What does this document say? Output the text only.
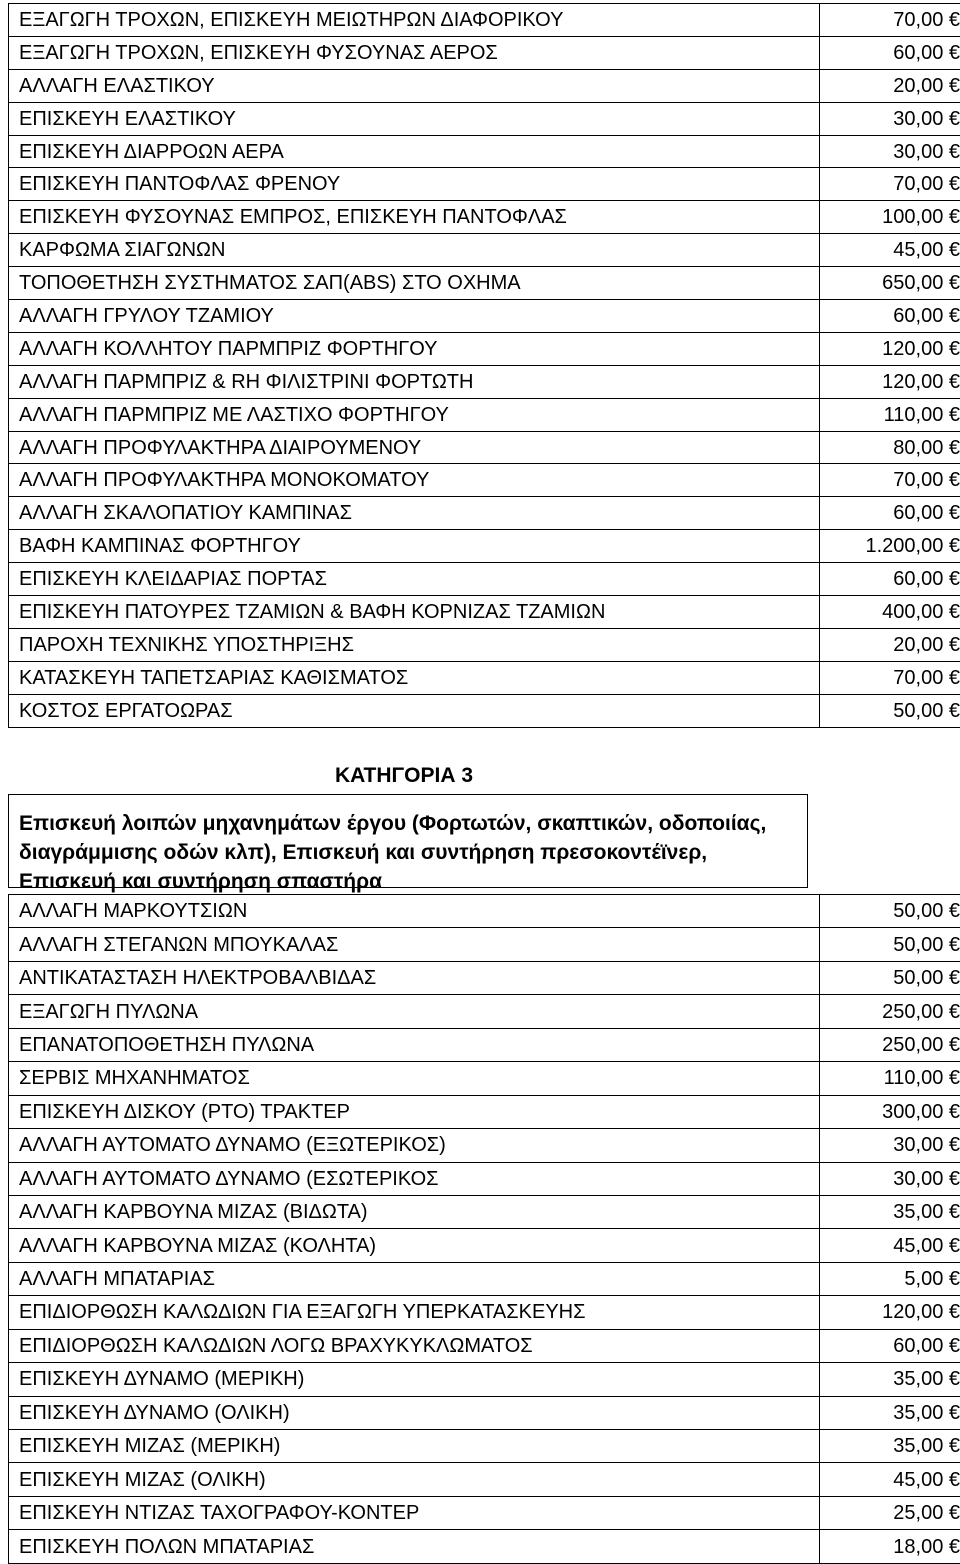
ΕΞΑΓΩΓΗ ΤΡΟΧΩΝ, ΕΠΙΣΚΕΥΗ ΜΕΙΩΤΗΡΩΝ ΔΙΑΦΟΡΙΚΟΥ	70,00 €
ΕΞΑΓΩΓΗ ΤΡΟΧΩΝ, ΕΠΙΣΚΕΥΗ ΦΥΣΟΥΝΑΣ ΑΕΡΟΣ	60,00 €
ΑΛΛΑΓΗ ΕΛΑΣΤΙΚΟΥ	20,00 €
ΕΠΙΣΚΕΥΗ ΕΛΑΣΤΙΚΟΥ	30,00 €
ΕΠΙΣΚΕΥΗ ΔΙΑΡΡΟΩΝ ΑΕΡΑ	30,00 €
ΕΠΙΣΚΕΥΗ ΠΑΝΤΟΦΛΑΣ ΦΡΕΝΟΥ	70,00 €
ΕΠΙΣΚΕΥΗ ΦΥΣΟΥΝΑΣ ΕΜΠΡΟΣ, ΕΠΙΣΚΕΥΗ ΠΑΝΤΟΦΛΑΣ	100,00 €
ΚΑΡΦΩΜΑ ΣΙΑΓΩΝΩΝ	45,00 €
ΤΟΠΟΘΕΤΗΣΗ ΣΥΣΤΗΜΑΤΟΣ ΣΑΠ(ABS) ΣΤΟ ΟΧΗΜΑ	650,00 €
ΑΛΛΑΓΗ ΓΡΥΛΟΥ ΤΖΑΜΙΟΥ	60,00 €
ΑΛΛΑΓΗ ΚΟΛΛΗΤΟΥ ΠΑΡΜΠΡΙΖ ΦΟΡΤΗΓΟΥ	120,00 €
ΑΛΛΑΓΗ ΠΑΡΜΠΡΙΖ & RH ΦΙΛΙΣΤΡΙΝΙ ΦΟΡΤΩΤΗ	120,00 €
ΑΛΛΑΓΗ ΠΑΡΜΠΡΙΖ ΜΕ ΛΑΣΤΙΧΟ ΦΟΡΤΗΓΟΥ	110,00 €
ΑΛΛΑΓΗ ΠΡΟΦΥΛΑΚΤΗΡΑ ΔΙΑΙΡΟΥΜΕΝΟΥ	80,00 €
ΑΛΛΑΓΗ ΠΡΟΦΥΛΑΚΤΗΡΑ ΜΟΝΟΚΟΜΑΤΟΥ	70,00 €
ΑΛΛΑΓΗ ΣΚΑΛΟΠΑΤΙΟΥ ΚΑΜΠΙΝΑΣ	60,00 €
ΒΑΦΗ ΚΑΜΠΙΝΑΣ ΦΟΡΤΗΓΟΥ	1.200,00 €
ΕΠΙΣΚΕΥΗ ΚΛΕΙΔΑΡΙΑΣ ΠΟΡΤΑΣ	60,00 €
ΕΠΙΣΚΕΥΗ ΠΑΤΟΥΡΕΣ ΤΖΑΜΙΩΝ & ΒΑΦΗ ΚΟΡΝΙΖΑΣ ΤΖΑΜΙΩΝ	400,00 €
ΠΑΡΟΧΗ ΤΕΧΝΙΚΗΣ ΥΠΟΣΤΗΡΙΞΗΣ	20,00 €
ΚΑΤΑΣΚΕΥΗ ΤΑΠΕΤΣΑΡΙΑΣ ΚΑΘΙΣΜΑΤΟΣ	70,00 €
ΚΟΣΤΟΣ ΕΡΓΑΤΟΩΡΑΣ	50,00 €
ΚΑΤΗΓΟΡΙΑ 3
Επισκευή λοιπών μηχανημάτων έργου (Φορτωτών, σκαπτικών, οδοποιίας, διαγράμμισης οδών κλπ), Επισκευή και συντήρηση πρεσοκοντέϊνερ, Επισκευή και συντήρηση σπαστήρα
ΑΛΛΑΓΗ ΜΑΡΚΟΥΤΣΙΩΝ	50,00 €
ΑΛΛΑΓΗ ΣΤΕΓΑΝΩΝ ΜΠΟΥΚΑΛΑΣ	50,00 €
ΑΝΤΙΚΑΤΑΣΤΑΣΗ ΗΛΕΚΤΡΟΒΑΛΒΙΔΑΣ	50,00 €
ΕΞΑΓΩΓΗ ΠΥΛΩΝΑ	250,00 €
ΕΠΑΝΑΤΟΠΟΘΕΤΗΣΗ ΠΥΛΩΝΑ	250,00 €
ΣΕΡΒΙΣ ΜΗΧΑΝΗΜΑΤΟΣ	110,00 €
ΕΠΙΣΚΕΥΗ ΔΙΣΚΟΥ (PTO) ΤΡΑΚΤΕΡ	300,00 €
ΑΛΛΑΓΗ ΑΥΤΟΜΑΤΟ ΔΥΝΑΜΟ (ΕΞΩΤΕΡΙΚΟΣ)	30,00 €
ΑΛΛΑΓΗ ΑΥΤΟΜΑΤΟ ΔΥΝΑΜΟ (ΕΣΩΤΕΡΙΚΟΣ	30,00 €
ΑΛΛΑΓΗ ΚΑΡΒΟΥΝΑ ΜΙΖΑΣ (ΒΙΔΩΤΑ)	35,00 €
ΑΛΛΑΓΗ ΚΑΡΒΟΥΝΑ ΜΙΖΑΣ (ΚΟΛΗΤΑ)	45,00 €
ΑΛΛΑΓΗ ΜΠΑΤΑΡΙΑΣ	5,00 €
ΕΠΙΔΙΟΡΘΩΣΗ ΚΑΛΩΔΙΩΝ ΓΙΑ ΕΞΑΓΩΓΗ ΥΠΕΡΚΑΤΑΣΚΕΥΗΣ	120,00 €
ΕΠΙΔΙΟΡΘΩΣΗ ΚΑΛΩΔΙΩΝ ΛΟΓΩ ΒΡΑΧΥΚΥΚΛΩΜΑΤΟΣ	60,00 €
ΕΠΙΣΚΕΥΗ ΔΥΝΑΜΟ (ΜΕΡΙΚΗ)	35,00 €
ΕΠΙΣΚΕΥΗ ΔΥΝΑΜΟ (ΟΛΙΚΗ)	35,00 €
ΕΠΙΣΚΕΥΗ ΜΙΖΑΣ (ΜΕΡΙΚΗ)	35,00 €
ΕΠΙΣΚΕΥΗ ΜΙΖΑΣ (ΟΛΙΚΗ)	45,00 €
ΕΠΙΣΚΕΥΗ ΝΤΙΖΑΣ ΤΑΧΟΓΡΑΦΟΥ-ΚΟΝΤΕΡ	25,00 €
ΕΠΙΣΚΕΥΗ ΠΟΛΩΝ ΜΠΑΤΑΡΙΑΣ	18,00 €
